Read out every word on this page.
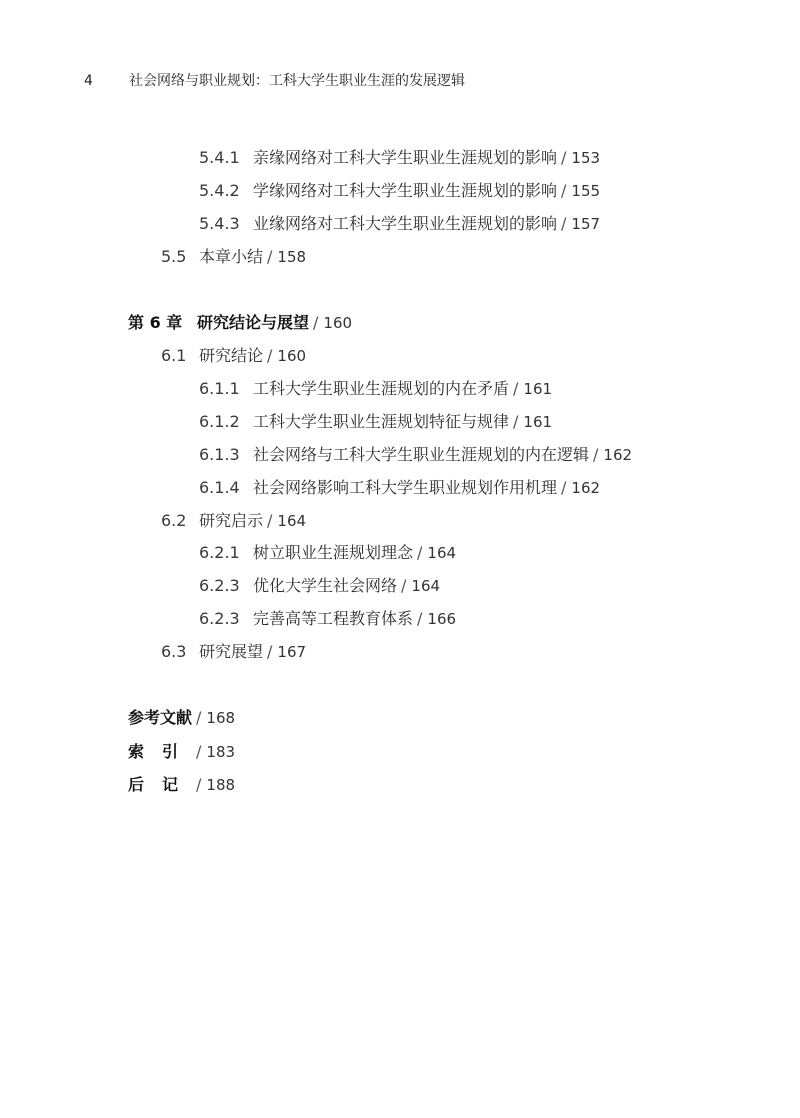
4	社会网络与职业规划：工科大学生职业生涯的发展逻辑
5.4.1 亲缘网络对工科大学生职业生涯规划的影响 / 153
5.4.2 学缘网络对工科大学生职业生涯规划的影响 / 155
5.4.3 业缘网络对工科大学生职业生涯规划的影响 / 157
5.5 本章小结 / 158
第 6 章 研究结论与展望 / 160
6.1 研究结论 / 160
6.1.1 工科大学生职业生涯规划的内在矛盾 / 161
6.1.2 工科大学生职业生涯规划特征与规律 / 161
6.1.3 社会网络与工科大学生职业生涯规划的内在逻辑 / 162
6.1.4 社会网络影响工科大学生职业规划作用机理 / 162
6.2 研究启示 / 164
6.2.1 树立职业生涯规划理念 / 164
6.2.3 优化大学生社会网络 / 164
6.2.3 完善高等工程教育体系 / 166
6.3 研究展望 / 167
参考文献 / 168
索引/ 183
后记/ 188
